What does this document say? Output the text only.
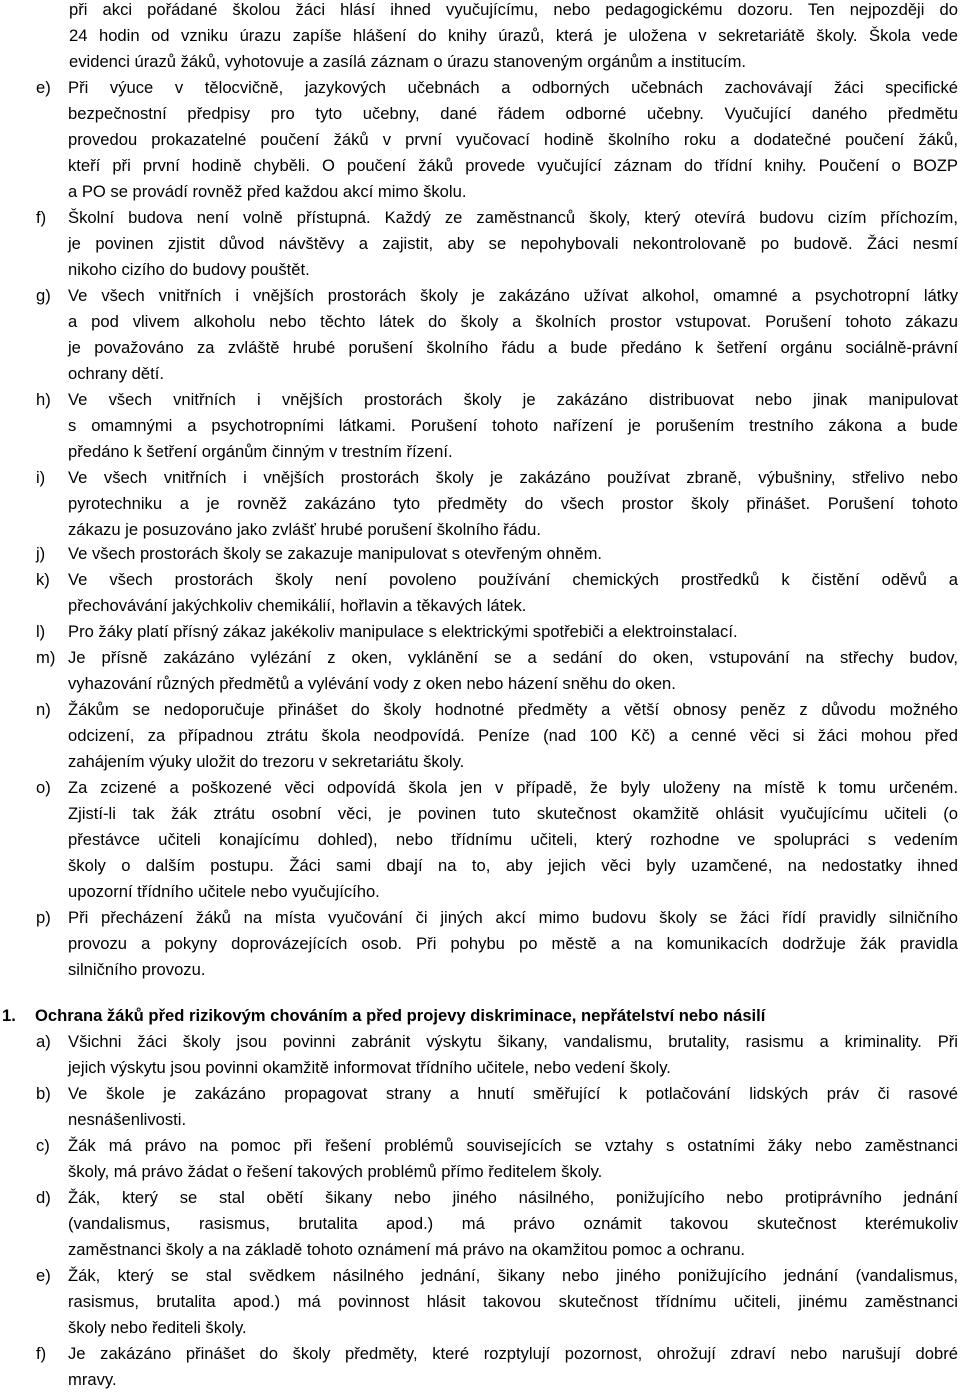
při akci pořádané školou žáci hlásí ihned vyučujícímu, nebo pedagogickému dozoru. Ten nejpozději do
24 hodin od vzniku úrazu zapíše hlášení do knihy úrazů, která je uložena v sekretariátě školy. Škola vede
evidenci úrazů žáků, vyhotovuje a zasílá záznam o úrazu stanoveným orgánům a institucím.
e) Při výuce v tělocvičně, jazykových učebnách a odborných učebnách zachovávají žáci specifické
bezpečnostní předpisy pro tyto učebny, dané řádem odborné učebny. Vyučující daného předmětu
provedou prokazatelné poučení žáků v první vyučovací hodině školního roku a dodatečné poučení žáků,
kteří při první hodině chyběli. O poučení žáků provede vyučující záznam do třídní knihy. Poučení o BOZP
a PO se provádí rovněž před každou akcí mimo školu.
f) Školní budova není volně přístupná. Každý ze zaměstnanců školy, který otevírá budovu cizím příchozím,
je povinen zjistit důvod návštěvy a zajistit, aby se nepohybovali nekontrolovaně po budově. Žáci nesmí
nikoho cizího do budovy pouštět.
g) Ve všech vnitřních i vnějších prostorách školy je zakázáno užívat alkohol, omamné a psychotropní látky
a pod vlivem alkoholu nebo těchto látek do školy a školních prostor vstupovat. Porušení tohoto zákazu
je považováno za zvláště hrubé porušení školního řádu a bude předáno k šetření orgánu sociálně-právní
ochrany dětí.
h) Ve všech vnitřních i vnějších prostorách školy je zakázáno distribuovat nebo jinak manipulovat
s omamnými a psychotropními látkami. Porušení tohoto nařízení je porušením trestního zákona a bude
předáno k šetření orgánům činným v trestním řízení.
i) Ve všech vnitřních i vnějších prostorách školy je zakázáno používat zbraně, výbušniny, střelivo nebo
pyrotechniku a je rovněž zakázáno tyto předměty do všech prostor školy přinášet. Porušení tohoto
zákazu je posuzováno jako zvlášť hrubé porušení školního řádu.
j) Ve všech prostorách školy se zakazuje manipulovat s otevřeným ohněm.
k) Ve všech prostorách školy není povoleno používání chemických prostředků k čistění oděvů a
přechovávání jakýchkoliv chemikálií, hořlavin a těkavých látek.
l) Pro žáky platí přísný zákaz jakékoliv manipulace s elektrickými spotřebiči a elektroinstalací.
m) Je přísně zakázáno vylézání z oken, vyklánění se a sedání do oken, vstupování na střechy budov,
vyhazování různých předmětů a vylévání vody z oken nebo házení sněhu do oken.
n) Žákům se nedoporučuje přinášet do školy hodnotné předměty a větší obnosy peněz z důvodu možného
odcizení, za případnou ztrátu škola neodpovídá. Peníze (nad 100 Kč) a cenné věci si žáci mohou před
zahájením výuky uložit do trezoru v sekretariátu školy.
o) Za zcizené a poškozené věci odpovídá škola jen v případě, že byly uloženy na místě k tomu určeném.
Zjistí-li tak žák ztrátu osobní věci, je povinen tuto skutečnost okamžitě ohlásit vyučujícímu učiteli (o
přestávce učiteli konajícímu dohled), nebo třídnímu učiteli, který rozhodne ve spolupráci s vedením
školy o dalším postupu. Žáci sami dbají na to, aby jejich věci byly uzamčené, na nedostatky ihned
upozorní třídního učitele nebo vyučujícího.
p) Při přecházení žáků na místa vyučování či jiných akcí mimo budovu školy se žáci řídí pravidly silničního
provozu a pokyny doprovázejících osob. Při pohybu po městě a na komunikacích dodržuje žák pravidla
silničního provozu.
1. Ochrana žáků před rizikovým chováním a před projevy diskriminace, nepřátelství nebo násilí
a) Všichni žáci školy jsou povinni zabránit výskytu šikany, vandalismu, brutality, rasismu a kriminality. Při
jejich výskytu jsou povinni okamžitě informovat třídního učitele, nebo vedení školy.
b) Ve škole je zakázáno propagovat strany a hnutí směřující k potlačování lidských práv či rasové
nesnášenlivosti.
c) Žák má právo na pomoc při řešení problémů souvisejících se vztahy s ostatními žáky nebo zaměstnanci
školy, má právo žádat o řešení takových problémů přímo ředitelem školy.
d) Žák, který se stal obětí šikany nebo jiného násilného, ponižujícího nebo protiprávního jednání
(vandalismus, rasismus, brutalita apod.) má právo oznámit takovou skutečnost kterémukoliv
zaměstnanci školy a na základě tohoto oznámení má právo na okamžitou pomoc a ochranu.
e) Žák, který se stal svědkem násilného jednání, šikany nebo jiného ponižujícího jednání (vandalismus,
rasismus, brutalita apod.) má povinnost hlásit takovou skutečnost třídnímu učiteli, jinému zaměstnanci
školy nebo řediteli školy.
f) Je zakázáno přinášet do školy předměty, které rozptylují pozornost, ohrožují zdraví nebo narušují dobré
mravy.
